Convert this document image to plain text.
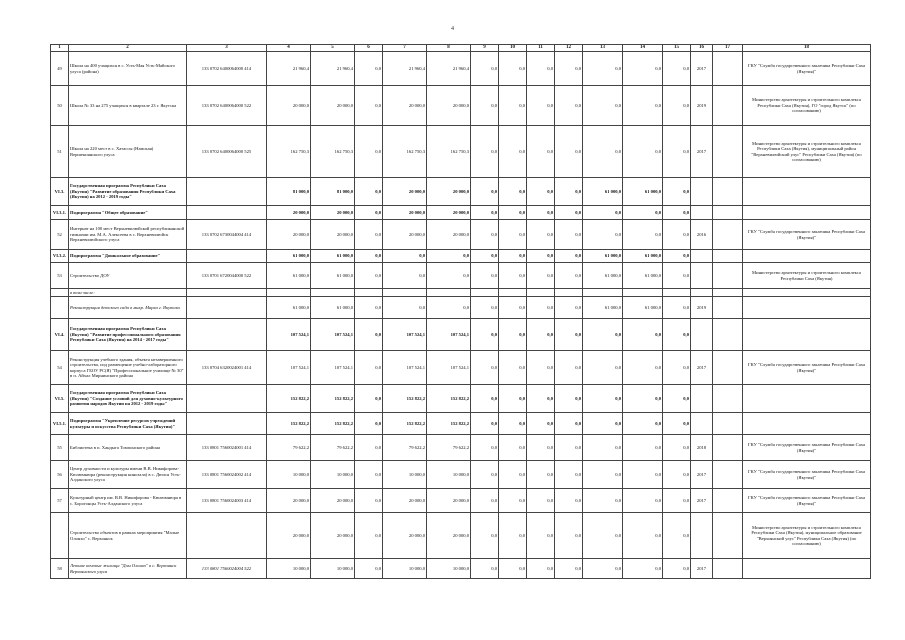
4
1	2	3	4	5	6	7	8	9	10	11	12	13	14	15	16	17	18
49	Школа на 400 учащихся в с. Усть-Мая Усть-Майского улуса (района)	133 0702 6400064000 414	21 960,4	21 960,4	0,0	21 960,4	21 960,4	0,0	0,0	0,0	0,0	0,0	0,0	0,0	2017		ГКУ "Служба государственного заказчика Республики Саха (Якутия)"
50	Школа № 33 на 275 учащихся в квартале 23 г. Якутска	133 0702 6400064000 522	20 000,0	20 000,0	0,0	20 000,0	20 000,0	0,0	0,0	0,0	0,0	0,0	0,0	0,0	2019		Министерство архитектуры и строительного комплекса Республики Саха (Якутия), ГО "город Якутск" (по согласованию)
51	Школа на 220 мест в с. Хатассы (Намская) Вершеноянского улуса	133 0702 6400064000 525	162 750,3	162 750,3	0,0	162 750,3	162 750,3	0,0	0,0	0,0	0,0	0,0	0,0	0,0	2017		Министерство архитектуры и строительного комплекса Республики Саха (Якутия), муниципальный район "Верхневилюйский улус" Республики Саха (Якутия) (по согласованию)
VI.3.	Государственная программа Республики Саха (Якутия) "Развитие образования Республики Саха (Якутия) на 2012 - 2019 годы"		81 000,0	81 000,0	0,0	20 000,0	20 000,0	0,0	0,0	0,0	0,0	61 000,0	61 000,0	0,0			
VI.3.1.	Подпрограмма "Общее образование"		20 000,0	20 000,0	0,0	20 000,0	20 000,0	0,0	0,0	0,0	0,0	0,0	0,0	0,0			
52	Интернат на 100 мест Верхневилюйской республиканской гимназии им. М.А. Алексеева в с. Верхневилюйск Верхневилюйского улуса	133 0702 6730044004 414	20 000,0	20 000,0	0,0	20 000,0	20 000,0	0,0	0,0	0,0	0,0	0,0	0,0	0,0	2016		ГКУ "Служба государственного заказчика Республики Саха (Якутия)"
VI.3.2.	Подпрограмма "Дошкольное образование"		61 000,0	61 000,0	0,0	0,0	0,0	0,0	0,0	0,0	0,0	61 000,0	61 000,0	0,0			
53	Строительство ДОУ	133 0701 6720044000 522	61 000,0	61 000,0	0,0	0,0	0,0	0,0	0,0	0,0	0,0	61 000,0	61 000,0	0,0			Министерство архитектуры и строительного комплекса Республики Саха (Якутия)
	в том числе:																
	Реконструкция детского сада в микр. Марха г. Якутска		61 000,0	61 000,0	0,0	0,0	0,0	0,0	0,0	0,0	0,0	61 000,0	61 000,0	0,0	2019		
VI.4.	Государственная программа Республики Саха (Якутия) "Развитие профессионального образования Республики Саха (Якутия) на 2014 - 2017 годы"		107 524,1	107 524,1	0,0	107 524,1	107 524,1	0,0	0,0	0,0	0,0	0,0	0,0	0,0			
54	Реконструкция учебного здания, объекта незавершенного строительства, под размещение учебно-лабораторного корпуса ГБОУ РС(Я) "Профессиональное училище № 30" в п. Айхал Мирнинского района	133 0704 6320024001 414	107 524,1	107 524,1	0,0	107 524,1	107 524,1	0,0	0,0	0,0	0,0	0,0	0,0	0,0	2017		ГКУ "Служба государственного заказчика Республики Саха (Якутия)"
VI.5.	Государственная программа Республики Саха (Якутия) "Создание условий для духовно-культурного развития народов Якутии на 2012 - 2019 годы"		152 822,2	152 822,2	0,0	152 822,2	152 822,2	0,0	0,0	0,0	0,0	0,0	0,0	0,0			
VI.5.1.	Подпрограмма "Укрепление ресурсов учреждений культуры и искусства Республики Саха (Якутия)"		152 822,2	152 822,2	0,0	152 822,2	152 822,2	0,0	0,0	0,0	0,0	0,0	0,0	0,0			
55	Библиотека в п. Хандыга Томпонского района	133 0801 7560024001 414	79 622,2	79 622,2	0,0	79 622,2	79 622,2	0,0	0,0	0,0	0,0	0,0	0,0	0,0	2018		ГКУ "Служба государственного заказчика Республики Саха (Якутия)"
56	Центр духовности и культуры имени В.В. Никифорова-Кюлюмнюра (реконструкция кинозала) в с. Дюпся Усть-Алданского улуса	133 0801 7560024002 414	10 000,0	10 000,0	0,0	10 000,0	10 000,0	0,0	0,0	0,0	0,0	0,0	0,0	0,0	2017		ГКУ "Служба государственного заказчика Республики Саха (Якутия)"
57	Культурный центр им. В.В. Никифорова - Кюлюмнюра в с. Борогонцы Усть-Алданского улуса	133 0801 7560024003 414	20 000,0	20 000,0	0,0	20 000,0	20 000,0	0,0	0,0	0,0	0,0	0,0	0,0	0,0	2017		ГКУ "Служба государственного заказчика Республики Саха (Якутия)"
	Строительство объектов в рамках мероприятия "Малые Олонхо" с. Верхоянск		20 000,0	20 000,0	0,0	20 000,0	20 000,0	0,0	0,0	0,0	0,0	0,0	0,0	0,0			Министерство архитектуры и строительного комплекса Республики Саха (Якутия), муниципальное образование "Верхоянский улус" Республики Саха (Якутия) (по согласованию)
58	Летние кочевые жилища "Дом Олонхо" в с. Верхоянск Верхоянского улуса	133 0801 7560024004 522	10 000,0	10 000,0	0,0	10 000,0	10 000,0	0,0	0,0	0,0	0,0	0,0	0,0	0,0	2017		
